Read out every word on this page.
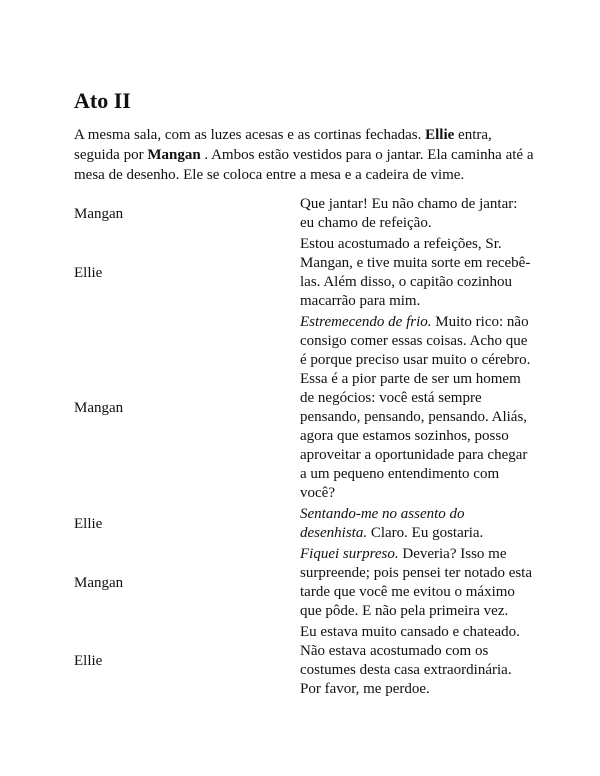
Ato II

A mesma sala, com as luzes acesas e as cortinas fechadas. Ellie entra, seguida por Mangan . Ambos estão vestidos para o jantar. Ela caminha até a mesa de desenho. Ele se coloca entre a mesa e a cadeira de vime.

Mangan
Que jantar! Eu não chamo de jantar: eu chamo de refeição.
Ellie
Estou acostumado a refeições, Sr. Mangan, e tive muita sorte em recebê-las. Além disso, o capitão cozinhou macarrão para mim.
Mangan
Estremecendo de frio. Muito rico: não consigo comer essas coisas. Acho que é porque preciso usar muito o cérebro. Essa é a pior parte de ser um homem de negócios: você está sempre pensando, pensando, pensando. Aliás, agora que estamos sozinhos, posso aproveitar a oportunidade para chegar a um pequeno entendimento com você?
Ellie
Sentando-me no assento do desenhista. Claro. Eu gostaria.
Mangan
Fiquei surpreso. Deveria? Isso me surpreende; pois pensei ter notado esta tarde que você me evitou o máximo que pôde. E não pela primeira vez.
Ellie
Eu estava muito cansado e chateado. Não estava acostumado com os costumes desta casa extraordinária. Por favor, me perdoe.
